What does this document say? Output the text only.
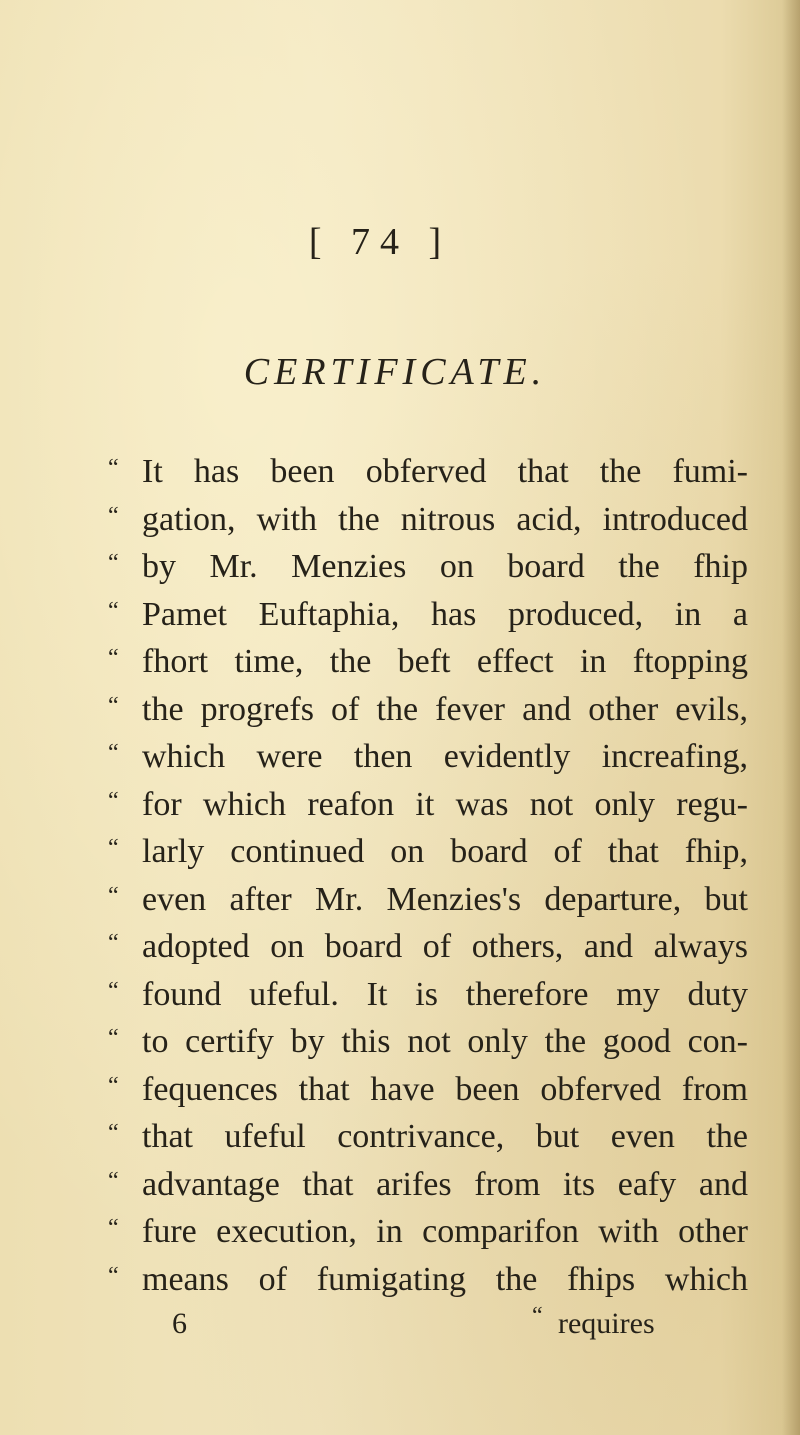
[ 74 ]
CERTIFICATE.
“ It has been obferved that the fumi-
“ gation, with the nitrous acid, introduced
“ by Mr. Menzies on board the fhip
“ Pamet Euftaphia, has produced, in a
“ fhort time, the beft effect in ftopping
“ the progrefs of the fever and other evils,
“ which were then evidently increafing,
“ for which reafon it was not only regu-
“ larly continued on board of that fhip,
“ even after Mr. Menzies's departure, but
“ adopted on board of others, and always
“ found ufeful. It is therefore my duty
“ to certify by this not only the good con-
“ fequences that have been obferved from
“ that ufeful contrivance, but even the
“ advantage that arifes from its eafy and
“ fure execution, in comparifon with other
“ means of fumigating the fhips which
6	“ requires
